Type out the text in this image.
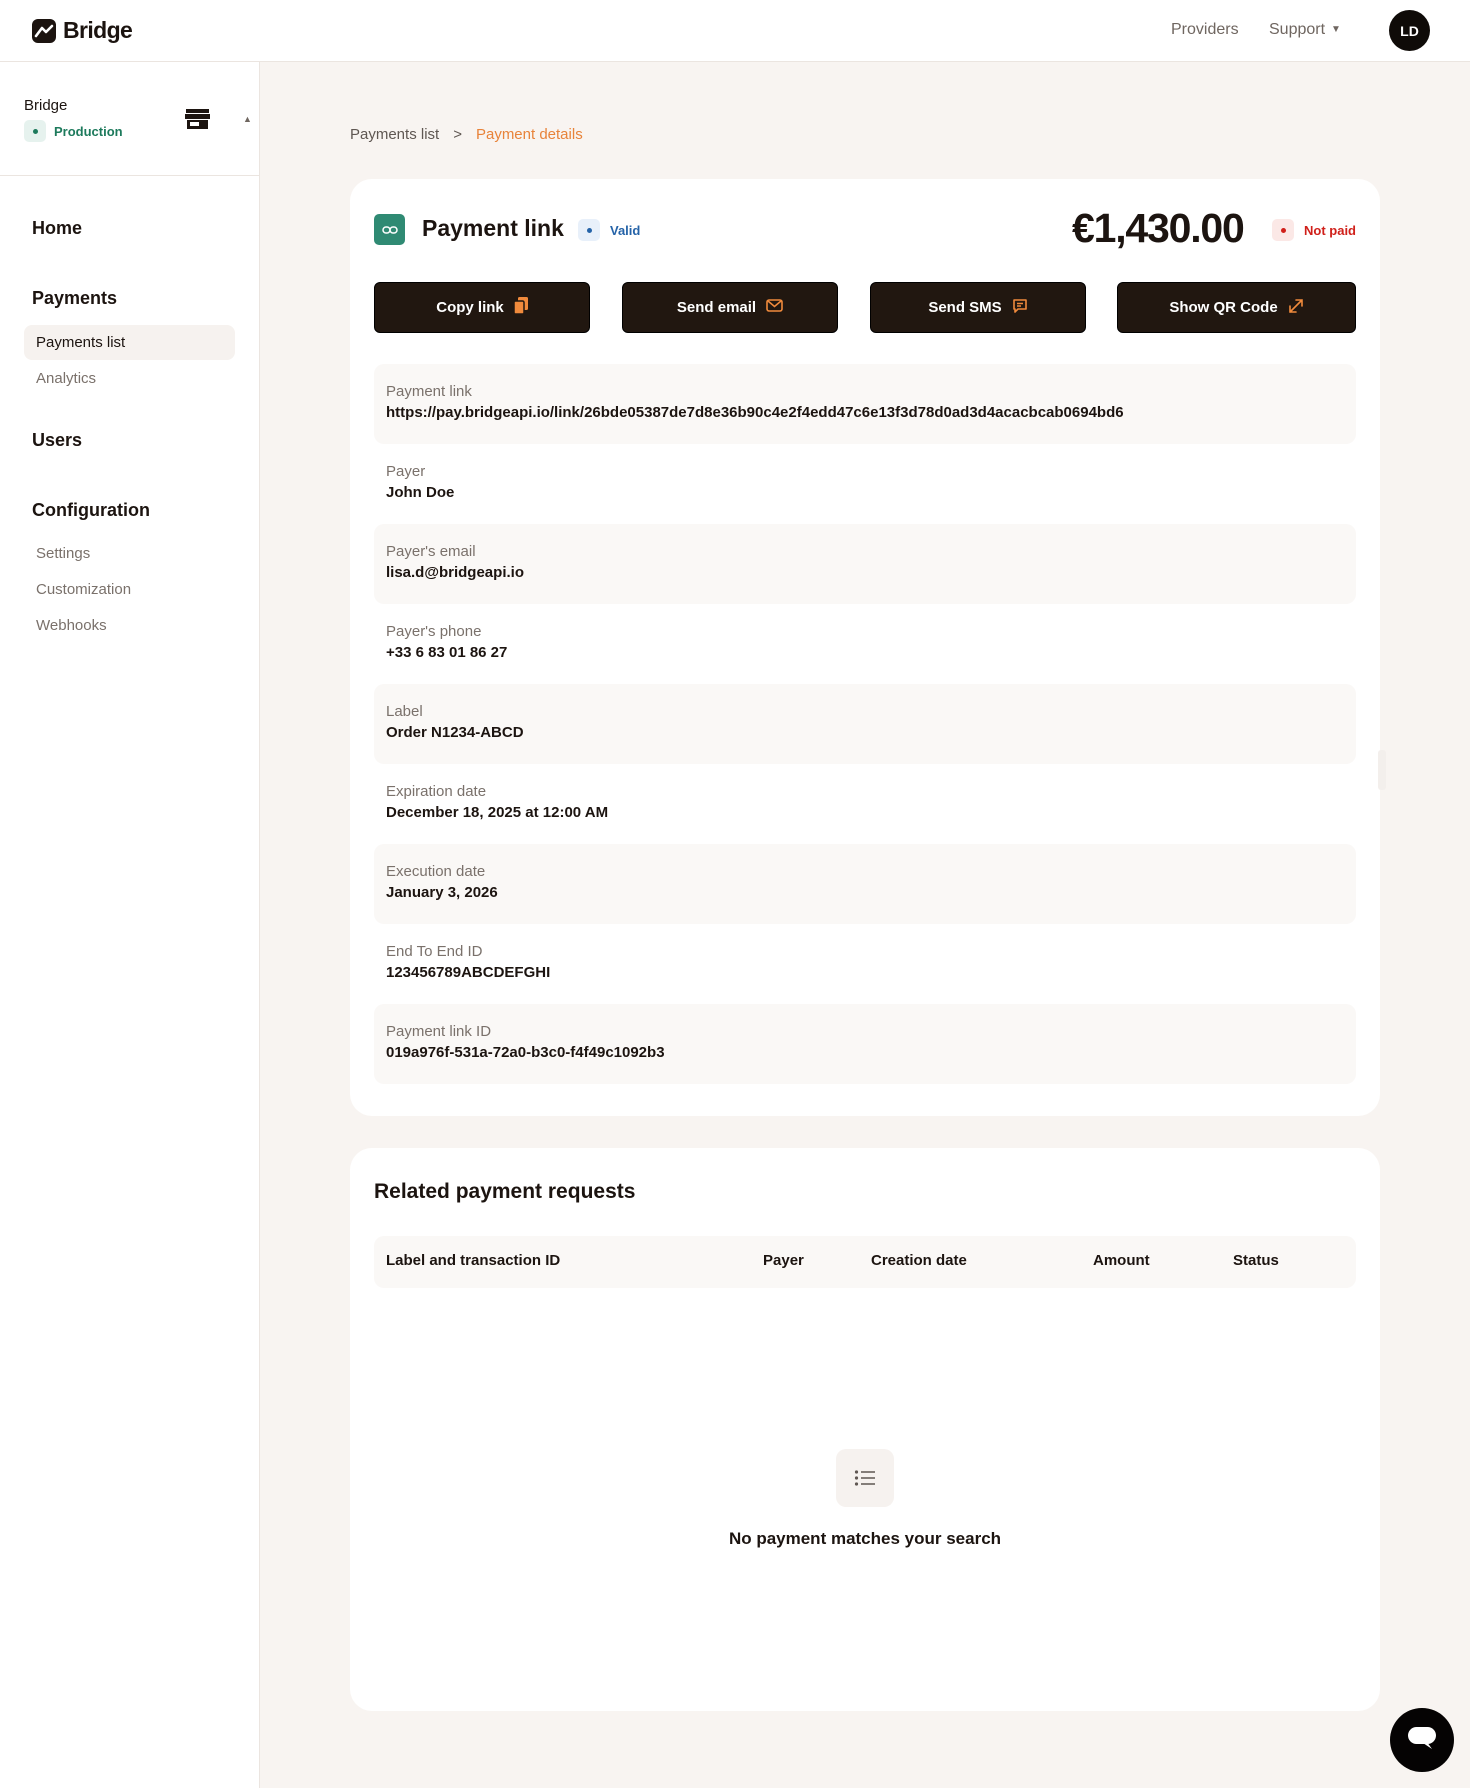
Bridge	Providers Support ▼	LD
Bridge
Production
▲
Home
Payments
Payments list
Analytics
Users
Configuration
Settings
Customization
Webhooks
Payments list > Payment details
Payment link	Valid	€1,430.00	Not paid
Copy link	Send email	Send SMS	Show QR Code
Payment link
https://pay.bridgeapi.io/link/26bde05387de7d8e36b90c4e2f4edd47c6e13f3d78d0ad3d4acacbcab0694bd6
Payer
John Doe
Payer's email
lisa.d@bridgeapi.io
Payer's phone
+33 6 83 01 86 27
Label
Order N1234-ABCD
Expiration date
December 18, 2025 at 12:00 AM
Execution date
January 3, 2026
End To End ID
123456789ABCDEFGHI
Payment link ID
019a976f-531a-72a0-b3c0-f4f49c1092b3
Related payment requests
Label and transaction ID	Payer	Creation date	Amount	Status
No payment matches your search
